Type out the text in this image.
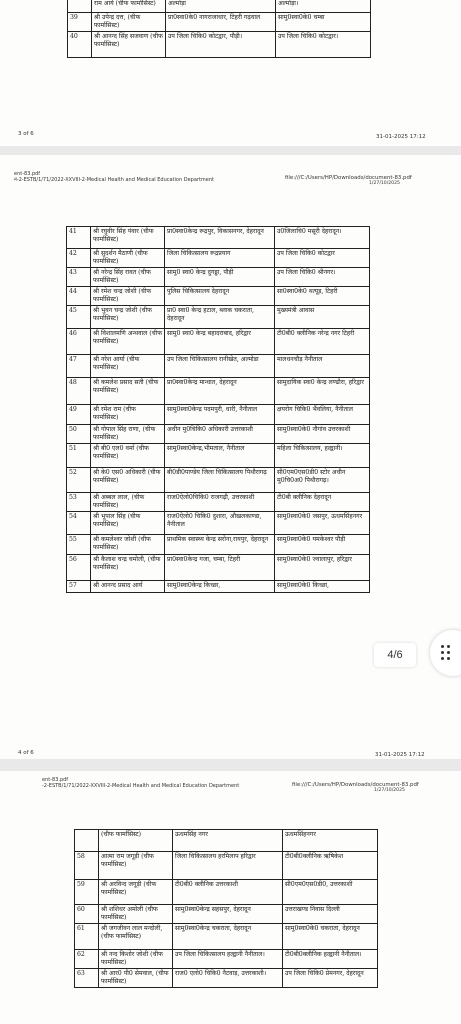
	राम आर्य (चीफ फार्मासिस्ट)	अल्मोड़ा	अल्मोड़ा।
39	श्री उपेन्द्र दत्त, (चीफ फार्मासिस्ट)	प्रा0स्वा0के0 नागराजाधार, टिहरी गढ़वाल	सामु0स्वा0के0 चम्बा
40	श्री आनन्द सिंह सजवाण (चीफ फार्मासिस्ट)	उप जिला चिकि0 कोटद्वार, पौड़ी।	उप जिला चिकि0 कोटद्वार।
3 of 6	31-01-2025 17:12
ent-83.pdf
नं-2-ESTB/1/71/2022-XXVIII-2-Medical Health and Medical Education Department	file:///C:/Users/HP/Downloads/document-83.pdf
1/27/10/2025
41	श्री रघुवीर सिंह पंवार (चीफ फार्मासिस्ट)	प्रा0स्वा0केन्द्र रूद्रपुर, विकासनगर, देहरादून	उ0जिलाचि0 मसूरी देहरादून।
42	श्री सुदर्शन मैठाणी (चीफ फार्मासिस्ट)	जिला चिकित्सालय रूद्रप्रयाग	उप जिला चिकि0 कोटद्वार
43	श्री नरेन्द्र सिंह रावत (चीफ फार्मासिस्ट)	सामु0 स्वा0 केन्द्र दुगड्डा, पौड़ी	उप जिला चिकि0 श्रीनगर।
44	श्री रमेश चन्द्र जोशी (चीफ फार्मासिस्ट)	पुलिस चिकित्सालय देहरादून	सा0स्वा0के0 थत्यूड़, टिहरी
45	श्री भुवन चन्द्र जोशी (चीफ फार्मासिस्ट)	प्रा0 स्वा0 केन्द्र हटाल, ब्लाक चकराता, देहरादून	मुख्यमंत्री आवास
46	श्री विशालमणि अन्थवाल (चीफ फार्मासिस्ट)	सामु0 स्वा0 केन्द्र बहादराबाद, हरिद्वार	टी0बी0 क्लीनिक नरेन्द्र नगर टिहरी
47	श्री नरेश आर्या (चीफ फार्मासिस्ट)	उप जिला चिकित्सालय रानीखेत, अल्मोडा	मालधनचौड़ नैनीताल
48	श्री कमलेश प्रसाद सती (चीफ फार्मासिस्ट)	प्रा0स्वा0केन्द्र मान्धात, देहरादून	सामुदायिक स्वा0 केन्द्र लण्ढौरा, हरिद्वार
49	श्री रमेश राम (चीफ फार्मासिस्ट)	सामु0स्वा0केन्द्र पदमपुरी, धारी, नैनीताल	क्षयरोग चिकि0 भैंवलिया, नैनीताल
50	श्री गोपाल सिंह राणा, (चीफ फार्मासिस्ट)	अधीन मु0चिकि0 अधिकारी उत्तरकाशी	सामु0स्वा0के0 नौगांव उत्तरकाशी
51	श्री बी0 एल0 वर्मा (चीफ फार्मासिस्ट)	सामु0स्वा0केन्द्र,भीमताल, नैनीताल	महिला चिकित्सालय, हल्द्वानी।
52	श्री के0 एस0 अधिकारी (चीफ फार्मासिस्ट)	बी0डी0पाण्डेय जिला चिकित्सालय पिथौरागढ़	सी0एम0एस0डी0 स्टोर अधीन मु0चि0अ0 पिथौरागढ़।
53	श्री अब्बल लाल, (चीफ फार्मासिस्ट)	राज0ऐलो0चिकि0 राजगढ़ी, उत्तरकाशी	टी0बी क्लीनिक देहरादून
54	श्री भूपाल सिंह (चीफ फार्मासिस्ट)	राज0ऐलो0 चिकि0 दुशारा, औखलकाण्डा, नैनीताल	सामु0स्वा0के0 जसपुर, ऊधमसिंहनगर
55	श्री कमलेश्वर जोशी (चीफ फार्मासिस्ट)	प्राथमिक स्वास्थ्य केन्द्र सरोना,रायपुर, देहरादून	सामु0स्वा0के0 यमकेश्वर पौड़ी
56	श्री कैलाश चन्द्र चमोली, (चीफ फार्मासिस्ट)	प्रा0स्वा0केन्द्र गजा, चम्बा, टिहरी	सामु0स्वा0के0 ज्वालापुर, हरिद्वार
57	श्री आनन्द प्रसाद आर्य	सामु0स्वा0केन्द्र किच्छा,	सामु0स्वा0के0 किच्छा,
4 of 6	31-01-2025 17:12
ent-83.pdf
-2-ESTB/1/71/2022-XXVIII-2-Medical Health and Medical Education Department	file:///C:/Users/HP/Downloads/document-83.pdf
1/27/10/2025
	(चीफ फार्मासिस्ट)	ऊधमसिंह नगर	ऊधमसिंहनगर
58	आत्मा राम जगूड़ी (चीफ फार्मासिस्ट)	जिला चिकित्सालय हरमिलाप हरिद्वार	टी0बी0क्लीनिक ऋषिकेश
59	श्री अरविन्द जगूड़ी (चीफ फार्मासिस्ट)	टी0बी0 क्लीनिक उत्तरकाशी	सी0एम0एस0डी0, उत्तरकाशी
60	श्री शशिधर अमोली (चीफ फार्मासिस्ट)	सामु0स्वा0केन्द्र सहसपुर, देहरादून	उत्तराखण्ड निवास दिल्ली
61	श्री जगजीवन लाल मन्दोली, (चीफ फार्मासिस्ट)	सामु0स्वा0केन्द्र चकराता, देहरादून	सामु0स्वा0के0 चकराता, देहरादून
62	श्री नन्द किशोर जोशी (चीफ फार्मासिस्ट)	उप जिला चिकित्सालय हल्द्वानी नैनीताल।	टी0बी0क्लीनिक हल्द्वानी नैनीताल।
63	श्री आर0 पी0 सेमवाल, (चीफ फार्मासिस्ट)	राज0 एलो0 चिकि0 नैटवाड़, उत्तरकाशी।	उप जिला चिकि0 प्रेमनगर, देहरादून
4/6
